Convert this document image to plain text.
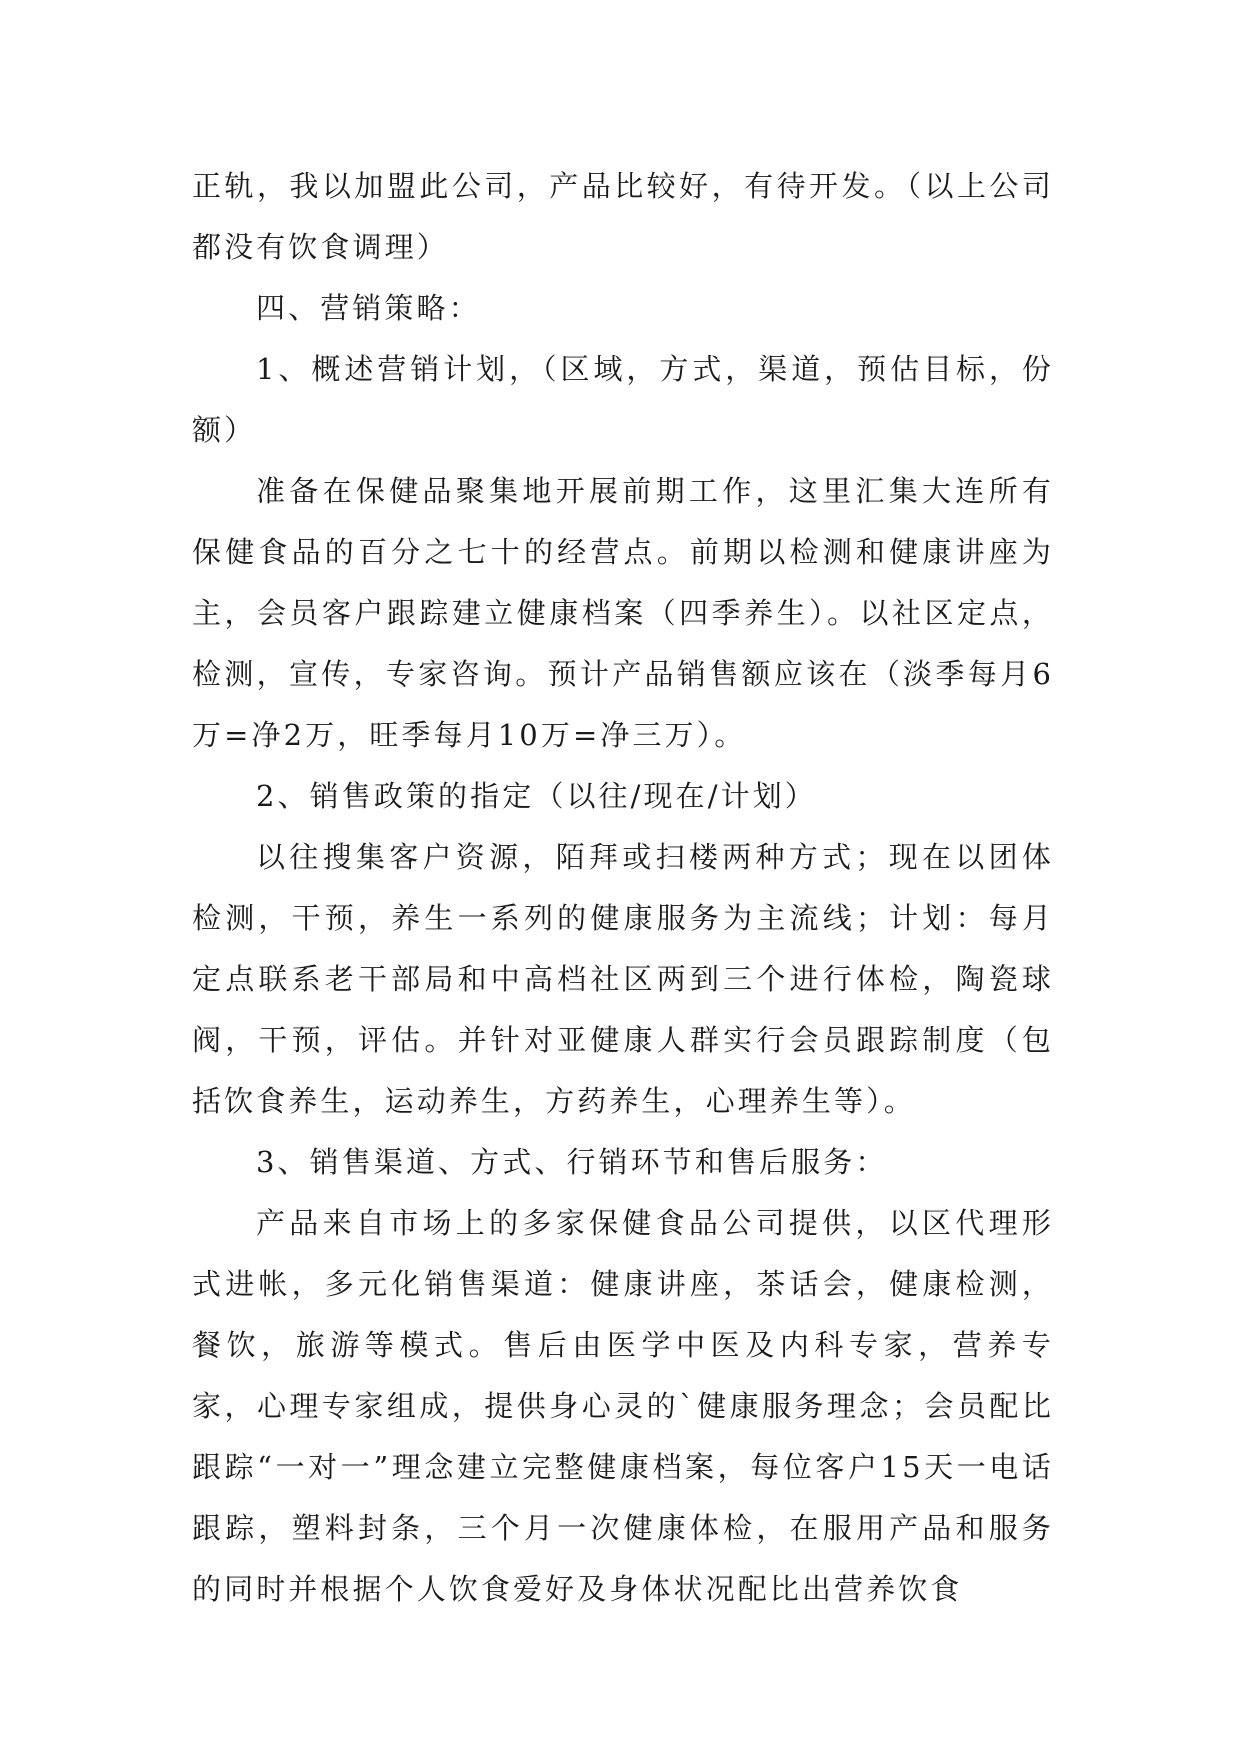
正轨，我以加盟此公司，产品比较好，有待开发。（以上公司都没有饮食调理）

四、营销策略：

1、概述营销计划，（区域，方式，渠道，预估目标，份额）

准备在保健品聚集地开展前期工作，这里汇集大连所有保健食品的百分之七十的经营点。前期以检测和健康讲座为主，会员客户跟踪建立健康档案（四季养生）。以社区定点，检测，宣传，专家咨询。预计产品销售额应该在（淡季每月6万=净2万，旺季每月10万=净三万）。

2、销售政策的指定（以往/现在/计划）

以往搜集客户资源，陌拜或扫楼两种方式；现在以团体检测，干预，养生一系列的健康服务为主流线；计划：每月定点联系老干部局和中高档社区两到三个进行体检，陶瓷球阀，干预，评估。并针对亚健康人群实行会员跟踪制度（包括饮食养生，运动养生，方药养生，心理养生等）。

3、销售渠道、方式、行销环节和售后服务：

产品来自市场上的多家保健食品公司提供，以区代理形式进帐，多元化销售渠道：健康讲座，茶话会，健康检测，餐饮，旅游等模式。售后由医学中医及内科专家，营养专家，心理专家组成，提供身心灵的`健康服务理念；会员配比跟踪“一对一”理念建立完整健康档案，每位客户15天一电话跟踪，塑料封条，三个月一次健康体检，在服用产品和服务的同时并根据个人饮食爱好及身体状况配比出营养饮食
